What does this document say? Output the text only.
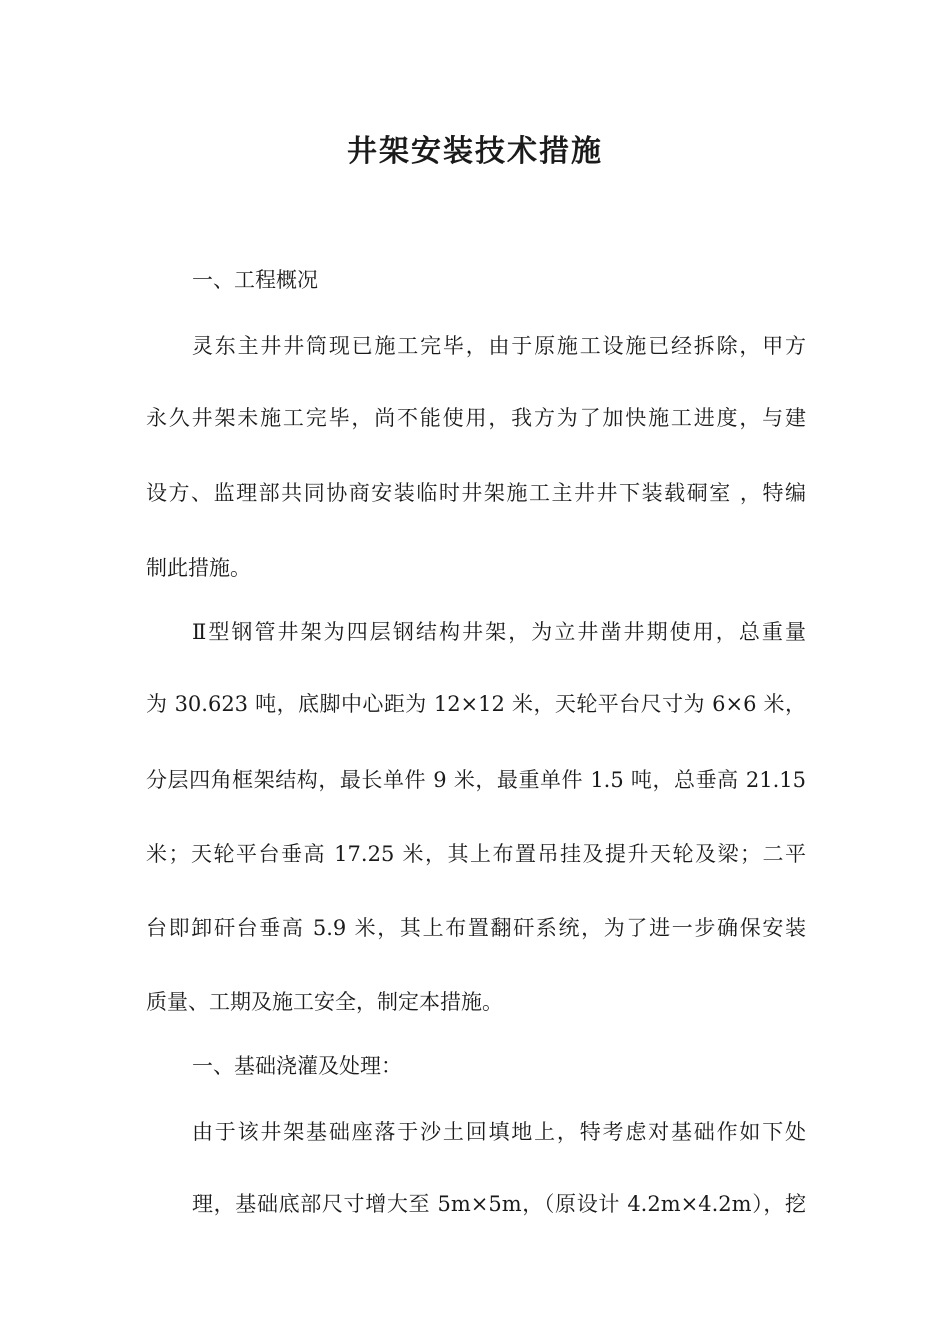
井架安装技术措施
一、工程概况
灵东主井井筒现已施工完毕，由于原施工设施已经拆除，甲方
永久井架未施工完毕，尚不能使用，我方为了加快施工进度，与建
设方、监理部共同协商安装临时井架施工主井井下装载硐室 ，特编
制此措施。
Ⅱ型钢管井架为四层钢结构井架，为立井凿井期使用，总重量
为 30.623 吨，底脚中心距为 12×12 米，天轮平台尺寸为 6×6 米，
分层四角框架结构，最长单件 9 米，最重单件 1.5 吨，总垂高 21.15
米；天轮平台垂高 17.25 米，其上布置吊挂及提升天轮及梁；二平
台即卸矸台垂高 5.9 米，其上布置翻矸系统，为了进一步确保安装
质量、工期及施工安全，制定本措施。
一、基础浇灌及处理：
由于该井架基础座落于沙土回填地上，特考虑对基础作如下处
理，基础底部尺寸增大至 5m×5m，（原设计 4.2m×4.2m），挖
